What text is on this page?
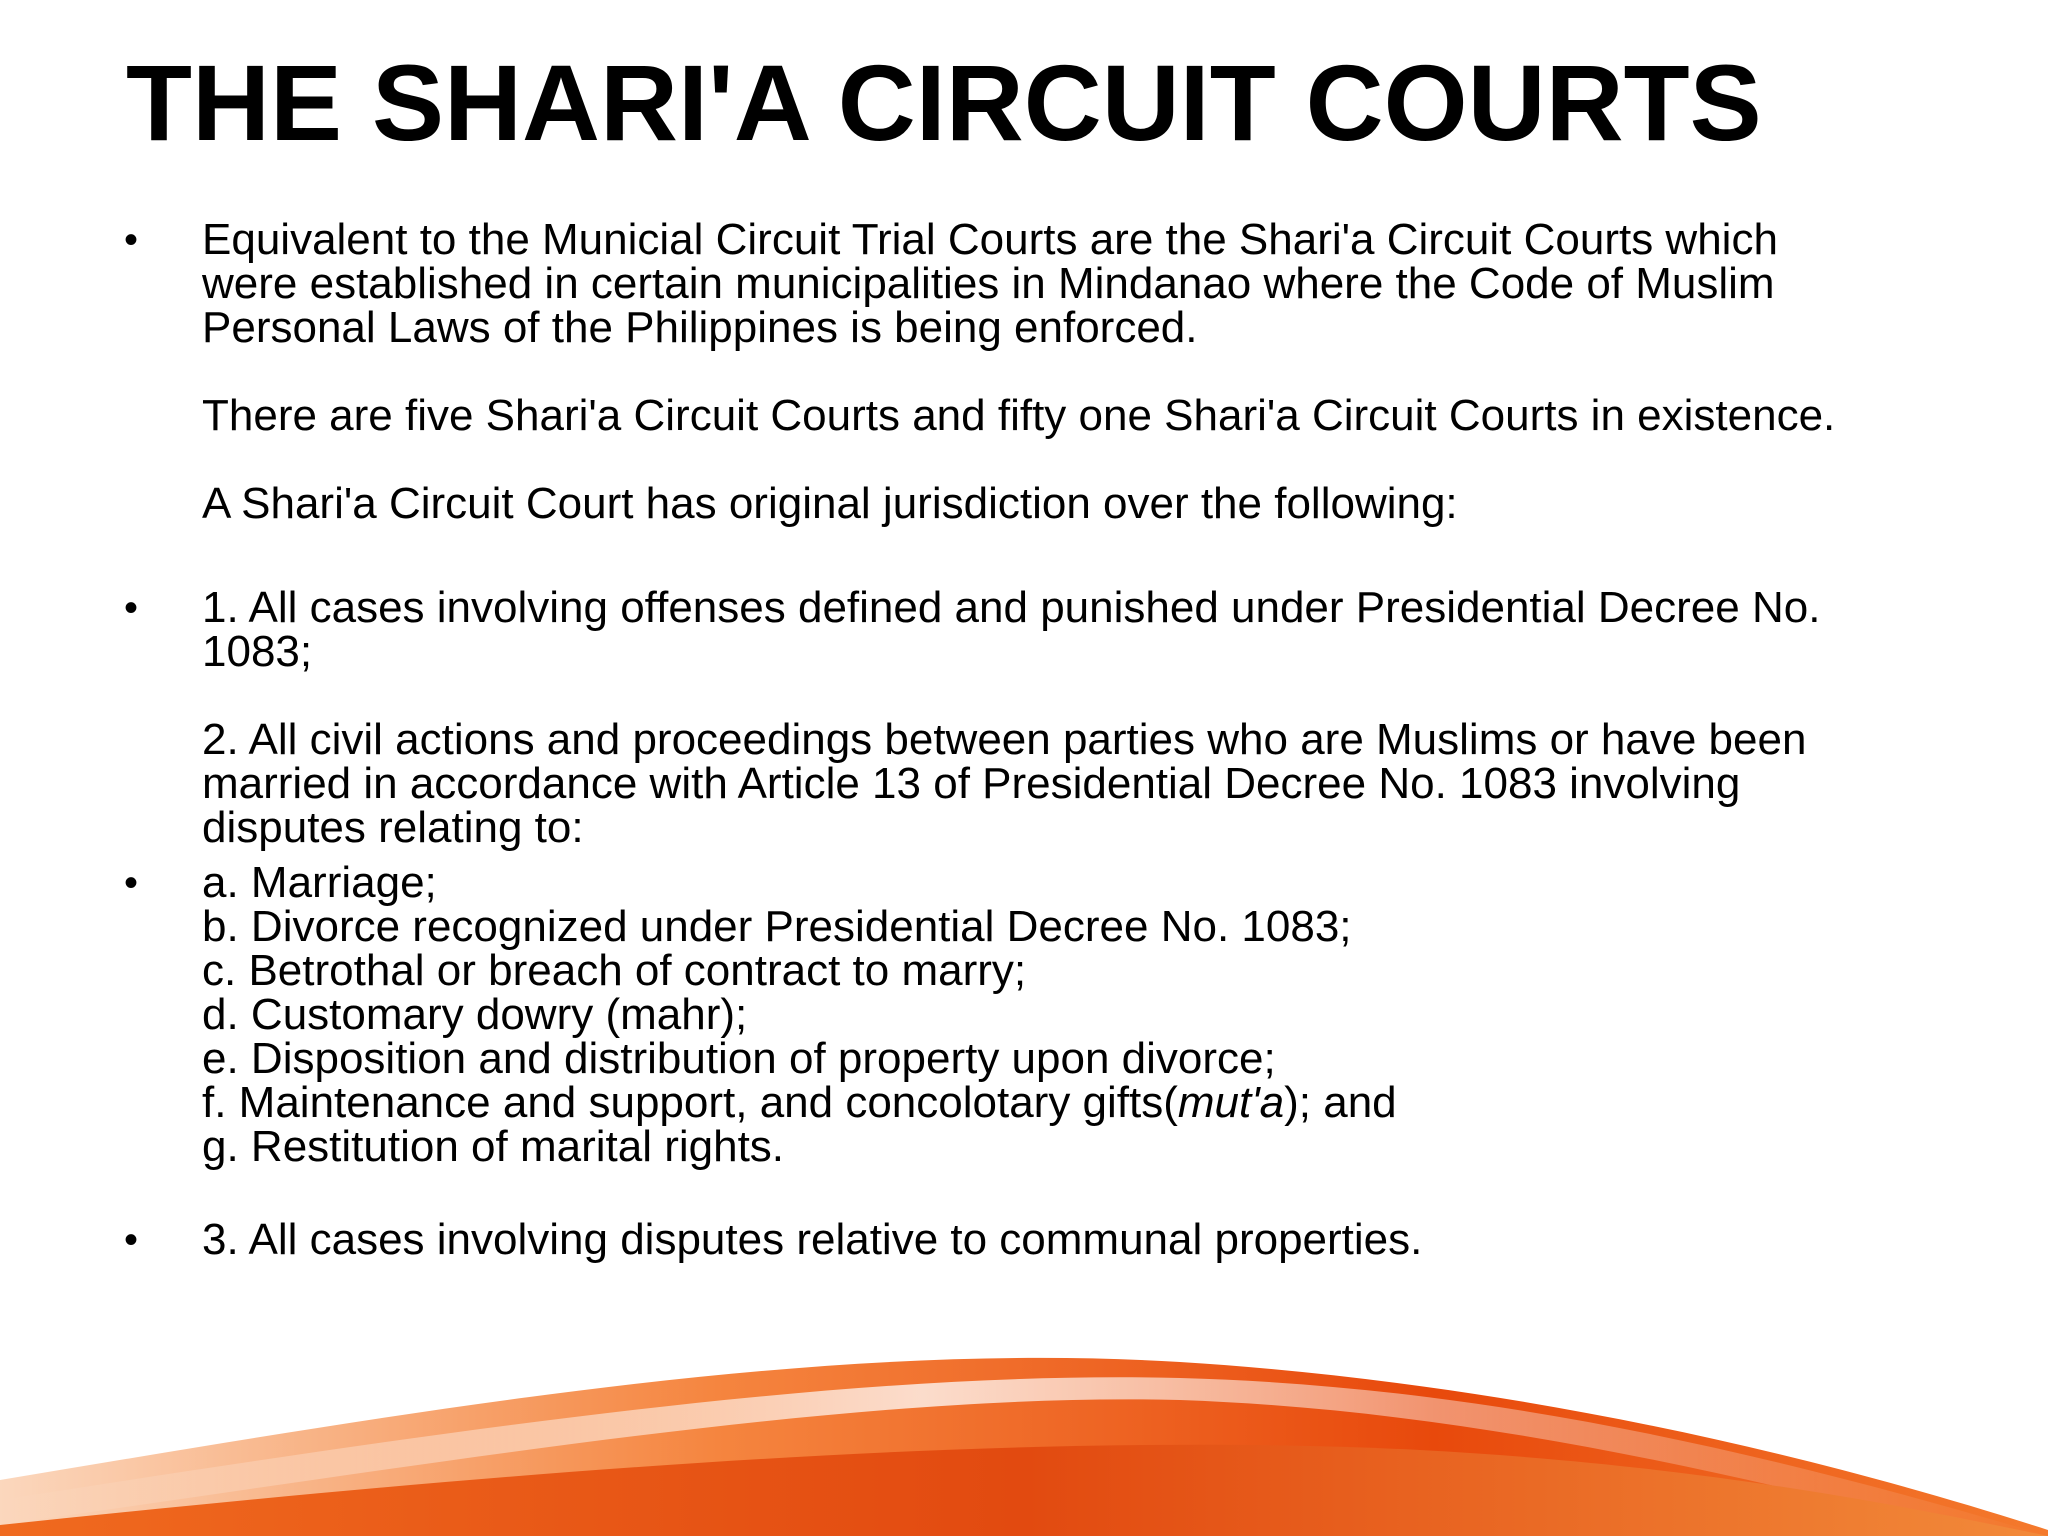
THE SHARI'A CIRCUIT COURTS
• Equivalent to the Municial Circuit Trial Courts are the Shari'a Circuit Courts which
were established in certain municipalities in Mindanao where the Code of Muslim
Personal Laws of the Philippines is being enforced.
There are five Shari'a Circuit Courts and fifty one Shari'a Circuit Courts in existence.
A Shari'a Circuit Court has original jurisdiction over the following:
• 1. All cases involving offenses defined and punished under Presidential Decree No.
1083;
2. All civil actions and proceedings between parties who are Muslims or have been
married in accordance with Article 13 of Presidential Decree No. 1083 involving
disputes relating to:
• a. Marriage;
b. Divorce recognized under Presidential Decree No. 1083;
c. Betrothal or breach of contract to marry;
d. Customary dowry (mahr);
e. Disposition and distribution of property upon divorce;
f. Maintenance and support, and concolotary gifts(mut'a); and
g. Restitution of marital rights.
• 3. All cases involving disputes relative to communal properties.
